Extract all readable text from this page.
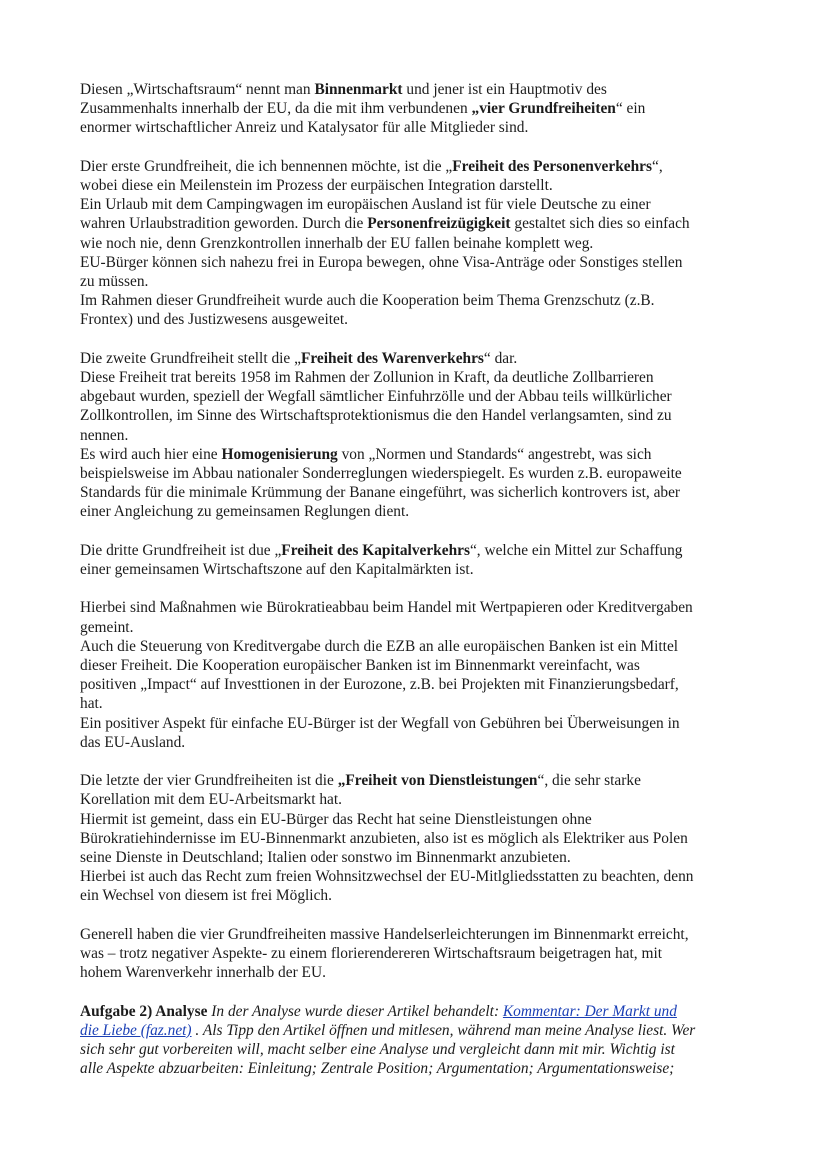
Diesen „Wirtschaftsraum“ nennt man Binnenmarkt und jener ist ein Hauptmotiv des
Zusammenhalts innerhalb der EU, da die mit ihm verbundenen „vier Grundfreiheiten“ ein
enormer wirtschaftlicher Anreiz und Katalysator für alle Mitglieder sind.
Dier erste Grundfreiheit, die ich bennennen möchte, ist die „Freiheit des Personenverkehrs“,
wobei diese ein Meilenstein im Prozess der eurpäischen Integration darstellt.
Ein Urlaub mit dem Campingwagen im europäischen Ausland ist für viele Deutsche zu einer
wahren Urlaubstradition geworden. Durch die Personenfreizügigkeit gestaltet sich dies so einfach
wie noch nie, denn Grenzkontrollen innerhalb der EU fallen beinahe komplett weg.
EU-Bürger können sich nahezu frei in Europa bewegen, ohne Visa-Anträge oder Sonstiges stellen
zu müssen.
Im Rahmen dieser Grundfreiheit wurde auch die Kooperation beim Thema Grenzschutz (z.B.
Frontex) und des Justizwesens ausgeweitet.
Die zweite Grundfreiheit stellt die „Freiheit des Warenverkehrs“ dar.
Diese Freiheit trat bereits 1958 im Rahmen der Zollunion in Kraft, da deutliche Zollbarrieren
abgebaut wurden, speziell der Wegfall sämtlicher Einfuhrzölle und der Abbau teils willkürlicher
Zollkontrollen, im Sinne des Wirtschaftsprotektionismus die den Handel verlangsamten, sind zu
nennen.
Es wird auch hier eine Homogenisierung von „Normen und Standards“ angestrebt, was sich
beispielsweise im Abbau nationaler Sonderreglungen wiederspiegelt. Es wurden z.B. europaweite
Standards für die minimale Krümmung der Banane eingeführt, was sicherlich kontrovers ist, aber
einer Angleichung zu gemeinsamen Reglungen dient.
Die dritte Grundfreiheit ist due „Freiheit des Kapitalverkehrs“, welche ein Mittel zur Schaffung
einer gemeinsamen Wirtschaftszone auf den Kapitalmärkten ist.
Hierbei sind Maßnahmen wie Bürokratieabbau beim Handel mit Wertpapieren oder Kreditvergaben
gemeint.
Auch die Steuerung von Kreditvergabe durch die EZB an alle europäischen Banken ist ein Mittel
dieser Freiheit. Die Kooperation europäischer Banken ist im Binnenmarkt vereinfacht, was
positiven „Impact“ auf Investtionen in der Eurozone, z.B. bei Projekten mit Finanzierungsbedarf,
hat.
Ein positiver Aspekt für einfache EU-Bürger ist der Wegfall von Gebühren bei Überweisungen in
das EU-Ausland.
Die letzte der vier Grundfreiheiten ist die „Freiheit von Dienstleistungen“, die sehr starke
Korellation mit dem EU-Arbeitsmarkt hat.
Hiermit ist gemeint, dass ein EU-Bürger das Recht hat seine Dienstleistungen ohne
Bürokratiehindernisse im EU-Binnenmarkt anzubieten, also ist es möglich als Elektriker aus Polen
seine Dienste in Deutschland; Italien oder sonstwo im Binnenmarkt anzubieten.
Hierbei ist auch das Recht zum freien Wohnsitzwechsel der EU-Mitlgliedsstatten zu beachten, denn
ein Wechsel von diesem ist frei Möglich.
Generell haben die vier Grundfreiheiten massive Handelserleichterungen im Binnenmarkt erreicht,
was – trotz negativer Aspekte- zu einem florierendereren Wirtschaftsraum beigetragen hat, mit
hohem Warenverkehr innerhalb der EU.
Aufgabe 2) Analyse In der Analyse wurde dieser Artikel behandelt: Kommentar: Der Markt und
die Liebe (faz.net) . Als Tipp den Artikel öffnen und mitlesen, während man meine Analyse liest. Wer
sich sehr gut vorbereiten will, macht selber eine Analyse und vergleicht dann mit mir. Wichtig ist
alle Aspekte abzuarbeiten: Einleitung; Zentrale Position; Argumentation; Argumentationsweise;
